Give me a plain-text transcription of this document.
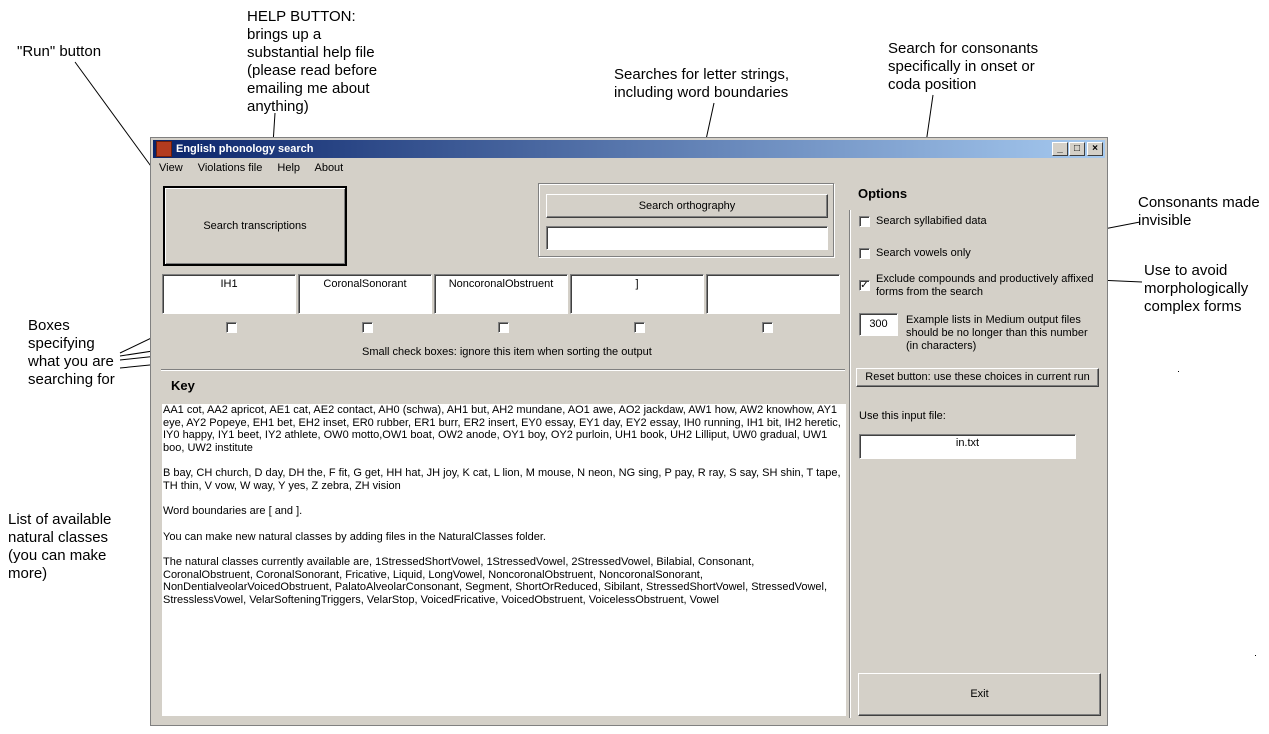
"Run" button
HELP BUTTON: brings up a substantial help file (please read before emailing me about anything)
Searches for letter strings, including word boundaries
Search for consonants specifically in onset or coda position
Consonants made invisible
Use to avoid morphologically complex forms
Boxes specifying what you are searching for
List of available natural classes (you can make more)
English phonology search	_	□	×
View Violations file Help About
Search transcriptions
Search orthography
IH1	CoronalSonorant	NoncoronalObstruent	]
Small check boxes: ignore this item when sorting the output
Key

AA1 cot, AA2 apricot, AE1 cat, AE2 contact, AH0 (schwa), AH1 but, AH2 mundane, AO1 awe, AO2 jackdaw, AW1 how, AW2 knowhow, AY1 eye, AY2 Popeye, EH1 bet, EH2 inset, ER0 rubber, ER1 burr, ER2 insert, EY0 essay, EY1 day, EY2 essay, IH0 running, IH1 bit, IH2 heretic, IY0 happy, IY1 beet, IY2 athlete, OW0 motto,OW1 boat, OW2 anode, OY1 boy, OY2 purloin, UH1 book, UH2 Lilliput, UW0 gradual, UW1 boo, UW2 institute

B bay, CH church, D day, DH the, F fit, G get, HH hat, JH joy, K cat, L lion, M mouse, N neon, NG sing, P pay, R ray, S say, SH shin, T tape, TH thin, V vow, W way, Y yes, Z zebra, ZH vision

Word boundaries are [ and ].

You can make new natural classes by adding files in the NaturalClasses folder.

The natural classes currently available are, 1StressedShortVowel, 1StressedVowel, 2StressedVowel, Bilabial, Consonant, CoronalObstruent, CoronalSonorant, Fricative, Liquid, LongVowel, NoncoronalObstruent, NoncoronalSonorant, NonDentialveolarVoicedObstruent, PalatoAlveolarConsonant, Segment, ShortOrReduced, Sibilant, StressedShortVowel, StressedVowel, StresslessVowel, VelarSofteningTriggers, VelarStop, VoicedFricative, VoicedObstruent, VoicelessObstruent, Vowel

Options
Search syllabified data
Search vowels only
✓
Exclude compounds and productively affixed forms from the search
300	Example lists in Medium output files should be no longer than this number (in characters)
Reset button: use these choices in current run
Use this input file:
in.txt
Exit
